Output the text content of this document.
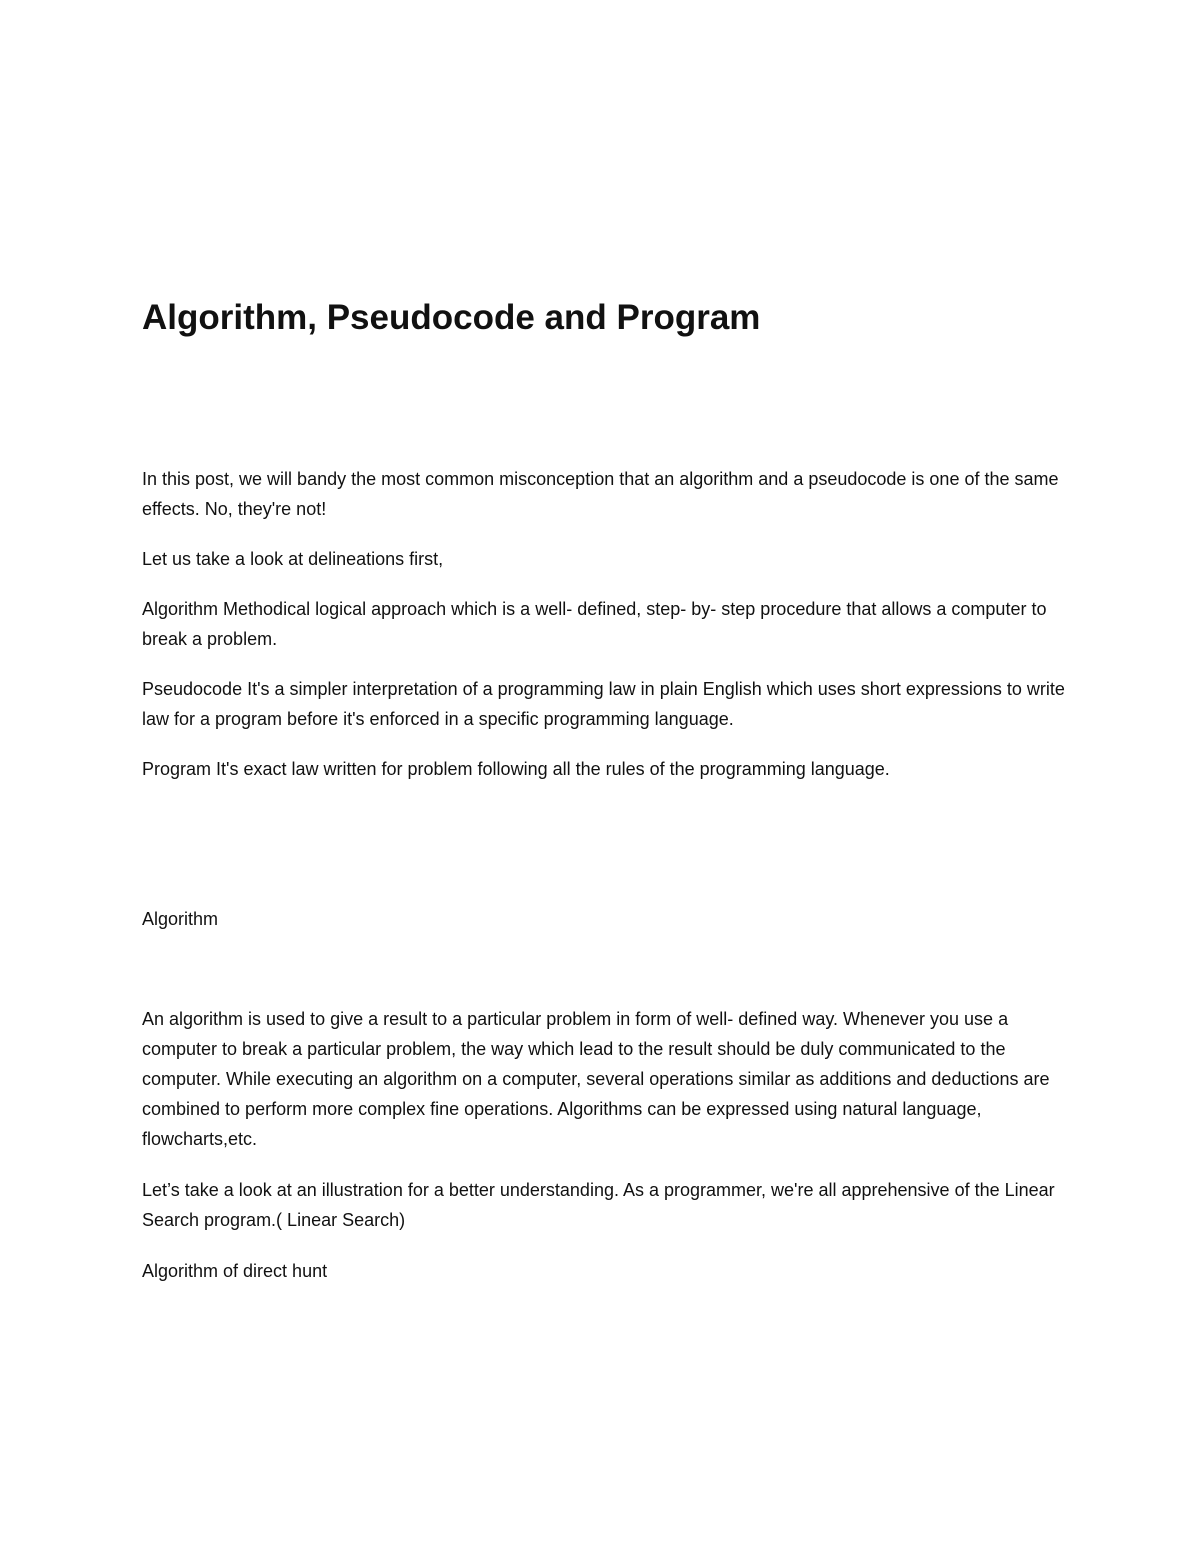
Algorithm, Pseudocode and Program

In this post, we will bandy the most common misconception that an algorithm and a pseudocode is one of the same effects. No, they're not!

Let us take a look at delineations first,

Algorithm Methodical logical approach which is a well- defined, step- by- step procedure that allows a computer to break a problem.

Pseudocode It's a simpler interpretation of a programming law in plain English which uses short expressions to write law for a program before it's enforced in a specific programming language.

Program It's exact law written for problem following all the rules of the programming language.

Algorithm

An algorithm is used to give a result to a particular problem in form of well- defined way. Whenever you use a computer to break a particular problem, the way which lead to the result should be duly communicated to the computer. While executing an algorithm on a computer, several operations similar as additions and deductions are combined to perform more complex fine operations. Algorithms can be expressed using natural language, flowcharts,etc.

Let’s take a look at an illustration for a better understanding. As a programmer, we're all apprehensive of the Linear Search program.( Linear Search)

Algorithm of direct hunt
